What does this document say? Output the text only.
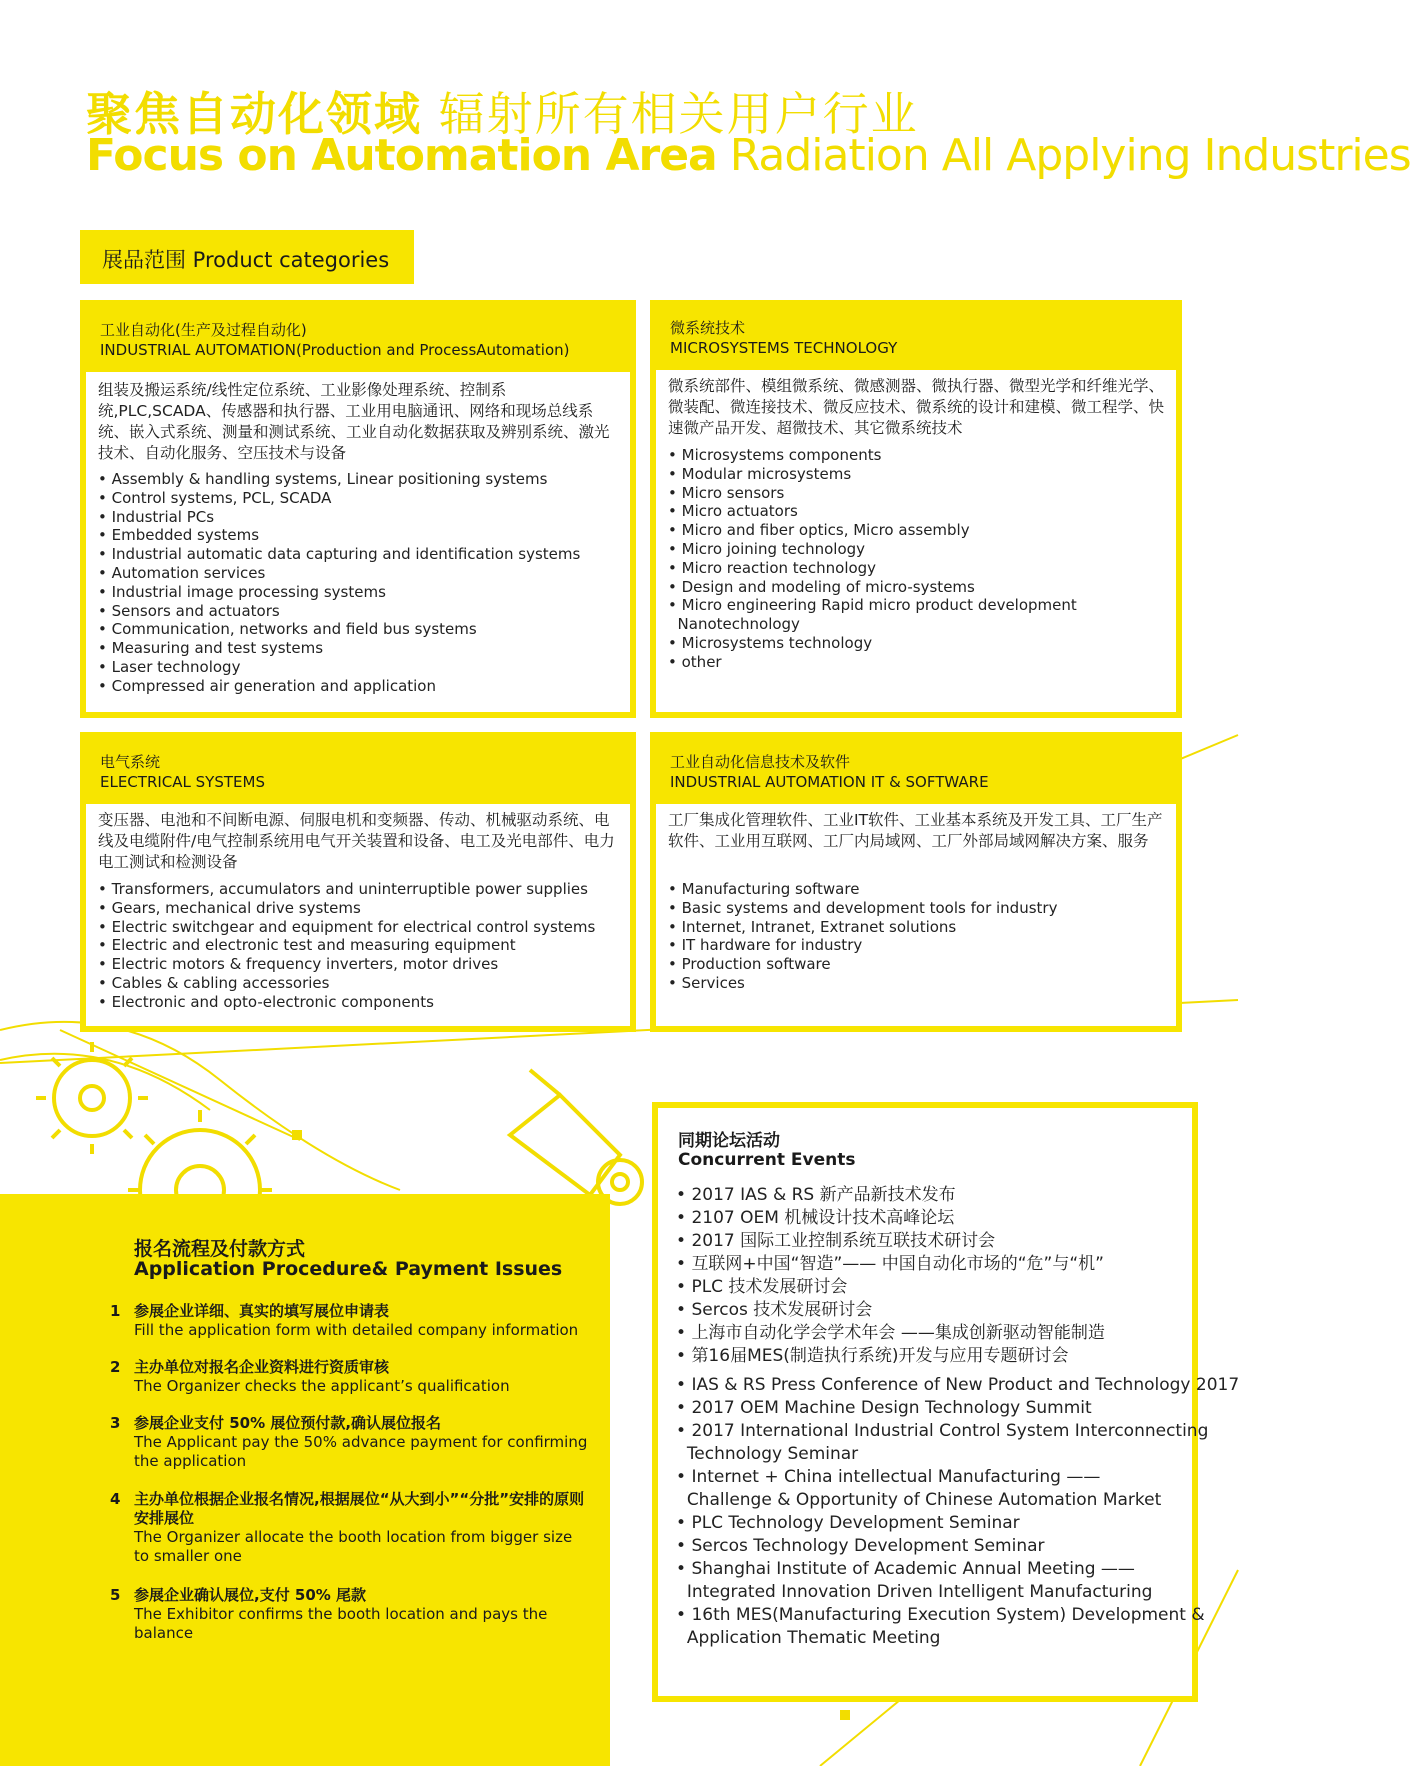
聚焦自动化领域 辐射所有相关用户行业
Focus on Automation Area Radiation All Applying Industries
展品范围 Product categories
工业自动化(生产及过程自动化)
INDUSTRIAL AUTOMATION(Production and ProcessAutomation)
组装及搬运系统/线性定位系统、工业影像处理系统、控制系统,PLC,SCADA、传感器和执行器、工业用电脑通讯、网络和现场总线系统、嵌入式系统、测量和测试系统、工业自动化数据获取及辨别系统、激光技术、自动化服务、空压技术与设备
• Assembly & handling systems, Linear positioning systems
• Control systems, PCL, SCADA
• Industrial PCs
• Embedded systems
• Industrial automatic data capturing and identification systems
• Automation services
• Industrial image processing systems
• Sensors and actuators
• Communication, networks and field bus systems
• Measuring and test systems
• Laser technology
• Compressed air generation and application
微系统技术
MICROSYSTEMS TECHNOLOGY
微系统部件、模组微系统、微感测器、微执行器、微型光学和纤维光学、微装配、微连接技术、微反应技术、微系统的设计和建模、微工程学、快速微产品开发、超微技术、其它微系统技术
• Microsystems components
• Modular microsystems
• Micro sensors
• Micro actuators
• Micro and fiber optics, Micro assembly
• Micro joining technology
• Micro reaction technology
• Design and modeling of micro-systems
• Micro engineering Rapid micro product development
Nanotechnology
• Microsystems technology
• other
电气系统
ELECTRICAL SYSTEMS
变压器、电池和不间断电源、伺服电机和变频器、传动、机械驱动系统、电线及电缆附件/电气控制系统用电气开关装置和设备、电工及光电部件、电力电工测试和检测设备
• Transformers, accumulators and uninterruptible power supplies
• Gears, mechanical drive systems
• Electric switchgear and equipment for electrical control systems
• Electric and electronic test and measuring equipment
• Electric motors & frequency inverters, motor drives
• Cables & cabling accessories
• Electronic and opto-electronic components
工业自动化信息技术及软件
INDUSTRIAL AUTOMATION IT & SOFTWARE
工厂集成化管理软件、工业IT软件、工业基本系统及开发工具、工厂生产软件、工业用互联网、工厂内局域网、工厂外部局域网解决方案、服务
• Manufacturing software
• Basic systems and development tools for industry
• Internet, Intranet, Extranet solutions
• IT hardware for industry
• Production software
• Services
同期论坛活动
Concurrent Events
• 2017 IAS & RS 新产品新技术发布
• 2107 OEM 机械设计技术高峰论坛
• 2017 国际工业控制系统互联技术研讨会
• 互联网+中国“智造”—— 中国自动化市场的“危”与“机”
• PLC 技术发展研讨会
• Sercos 技术发展研讨会
• 上海市自动化学会学术年会 ——集成创新驱动智能制造
• 第16届MES(制造执行系统)开发与应用专题研讨会
• IAS & RS Press Conference of New Product and Technology 2017
• 2017 OEM Machine Design Technology Summit
• 2017 International Industrial Control System Interconnecting
Technology Seminar
• Internet + China intellectual Manufacturing ——
Challenge & Opportunity of Chinese Automation Market
• PLC Technology Development Seminar
• Sercos Technology Development Seminar
• Shanghai Institute of Academic Annual Meeting ——
Integrated Innovation Driven Intelligent Manufacturing
• 16th MES(Manufacturing Execution System) Development &
Application Thematic Meeting
报名流程及付款方式
Application Procedure& Payment Issues
1 参展企业详细、真实的填写展位申请表
Fill the application form with detailed company information
2 主办单位对报名企业资料进行资质审核
The Organizer checks the applicant’s qualification
3 参展企业支付 50% 展位预付款,确认展位报名
The Applicant pay the 50% advance payment for confirming the application
4 主办单位根据企业报名情况,根据展位“从大到小”“分批”安排的原则安排展位
The Organizer allocate the booth location from bigger size to smaller one
5 参展企业确认展位,支付 50% 尾款
The Exhibitor confirms the booth location and pays the balance
